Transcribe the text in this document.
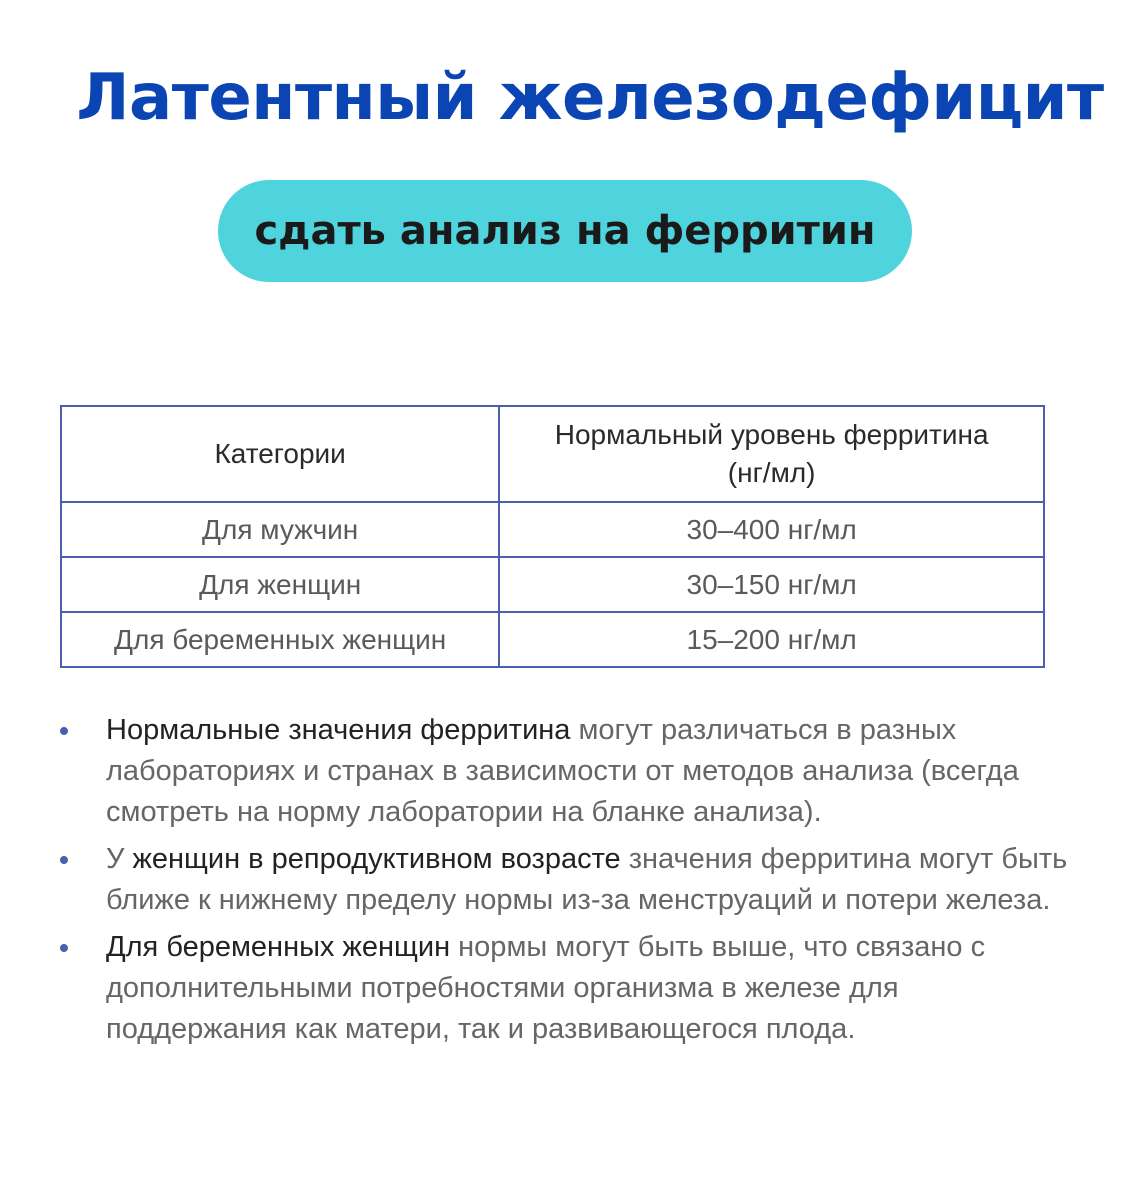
Латентный железодефицит
сдать анализ на ферритин
Категории	Нормальный уровень ферритина
(нг/мл)
Для мужчин	30–400 нг/мл
Для женщин	30–150 нг/мл
Для беременных женщин	15–200 нг/мл
Нормальные значения ферритина могут различаться в разных лабораториях и странах в зависимости от методов анализа (всегда смотреть на норму лаборатории на бланке анализа).
У женщин в репродуктивном возрасте значения ферритина могут быть ближе к нижнему пределу нормы из-за менструаций и потери железа.
Для беременных женщин нормы могут быть выше, что связано с дополнительными потребностями организма в железе для поддержания как матери, так и развивающегося плода.
